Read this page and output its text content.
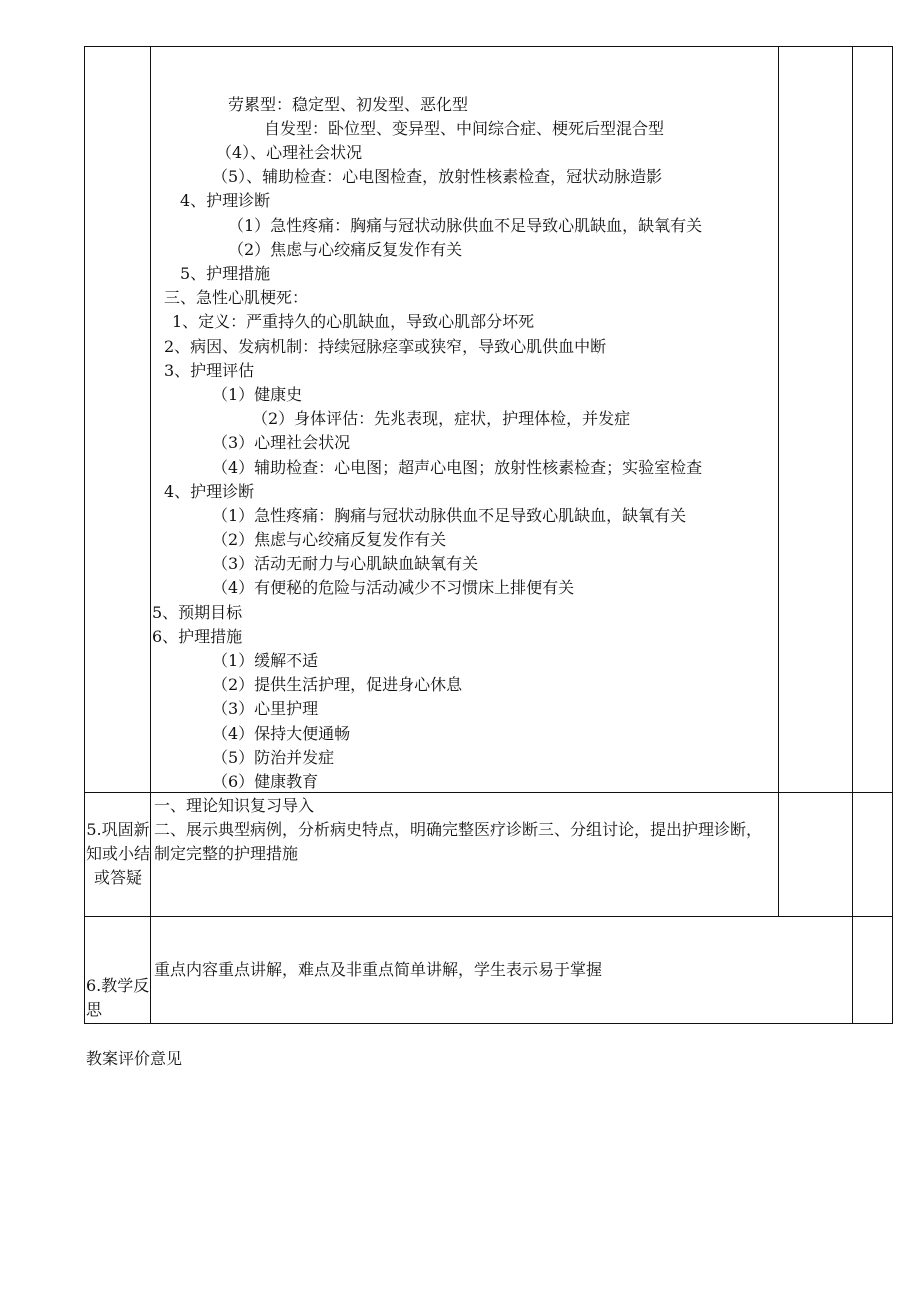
劳累型：稳定型、初发型、恶化型
自发型：卧位型、变异型、中间综合症、梗死后型混合型
（4）、心理社会状况
（5）、辅助检查：心电图检查，放射性核素检查，冠状动脉造影
4、护理诊断
（1）急性疼痛：胸痛与冠状动脉供血不足导致心肌缺血，缺氧有关
（2）焦虑与心绞痛反复发作有关
5、护理措施
三、急性心肌梗死：
1、定义：严重持久的心肌缺血，导致心肌部分坏死
2、病因、发病机制：持续冠脉痉挛或狭窄，导致心肌供血中断
3、护理评估
（1）健康史
（2）身体评估：先兆表现，症状，护理体检，并发症
（3）心理社会状况
（4）辅助检查：心电图；超声心电图；放射性核素检查；实验室检查
4、护理诊断
（1）急性疼痛：胸痛与冠状动脉供血不足导致心肌缺血，缺氧有关
（2）焦虑与心绞痛反复发作有关
（3）活动无耐力与心肌缺血缺氧有关
（4）有便秘的危险与活动减少不习惯床上排便有关
5、预期目标
6、护理措施
（1）缓解不适
（2）提供生活护理，促进身心休息
（3）心里护理
（4）保持大便通畅
（5）防治并发症
（6）健康教育
5.巩固新知或小结或答疑
一、理论知识复习导入
二、展示典型病例，分析病史特点，明确完整医疗诊断三、分组讨论，提出护理诊断，制定完整的护理措施
6.教学反思
重点内容重点讲解，难点及非重点简单讲解，学生表示易于掌握
教案评价意见
